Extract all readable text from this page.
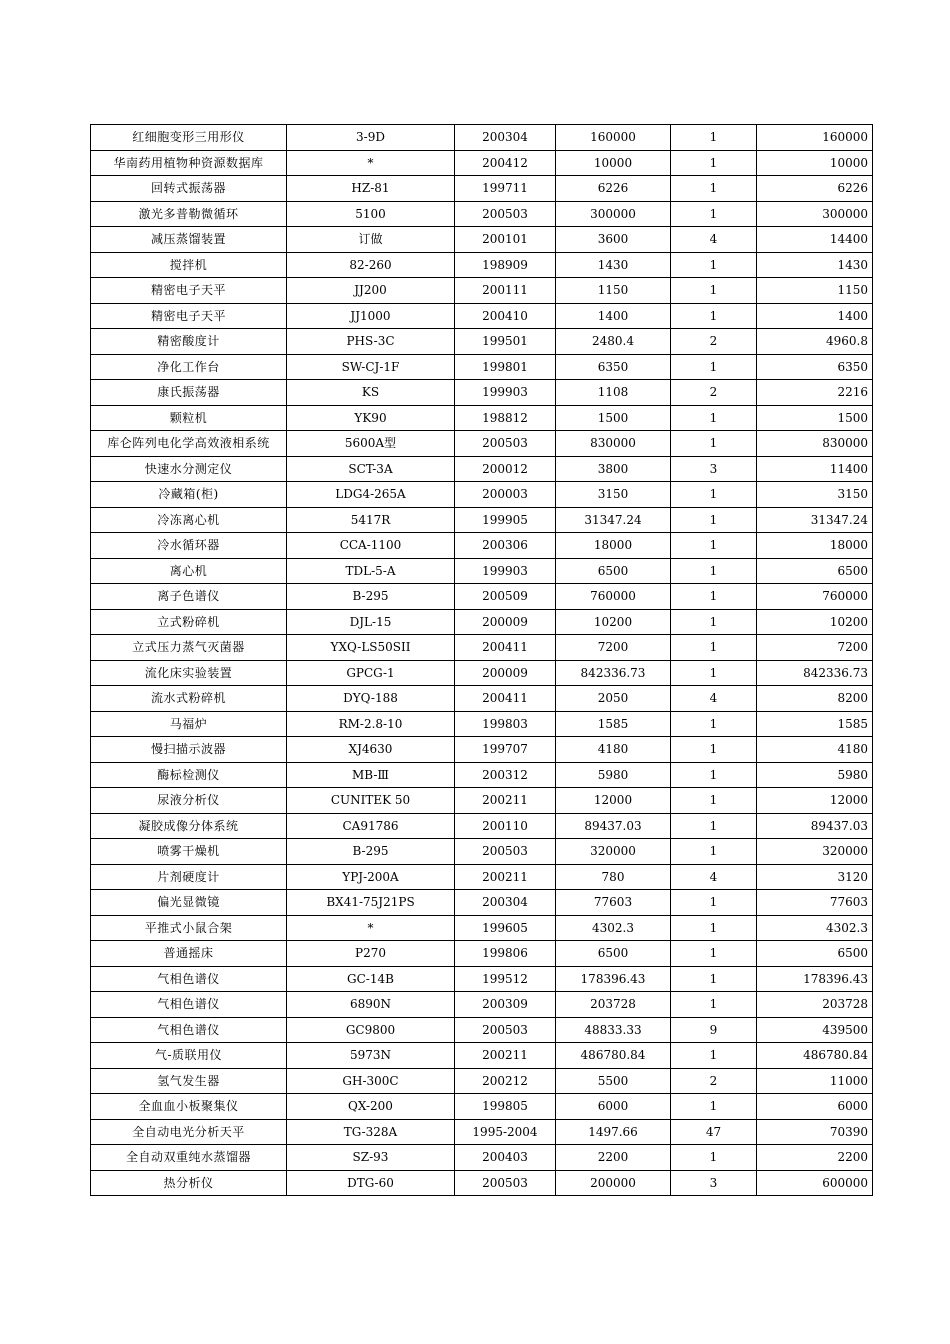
红细胞变形三用形仪	3-9D	200304	160000	1	160000
华南药用植物种资源数据库	*	200412	10000	1	10000
回转式振荡器	HZ-81	199711	6226	1	6226
激光多普勒微循环	5100	200503	300000	1	300000
减压蒸馏装置	订做	200101	3600	4	14400
搅拌机	82-260	198909	1430	1	1430
精密电子天平	JJ200	200111	1150	1	1150
精密电子天平	JJ1000	200410	1400	1	1400
精密酸度计	PHS-3C	199501	2480.4	2	4960.8
净化工作台	SW-CJ-1F	199801	6350	1	6350
康氏振荡器	KS	199903	1108	2	2216
颗粒机	YK90	198812	1500	1	1500
库仑阵列电化学高效液相系统	5600A型	200503	830000	1	830000
快速水分测定仪	SCT-3A	200012	3800	3	11400
冷藏箱(柜)	LDG4-265A	200003	3150	1	3150
冷冻离心机	5417R	199905	31347.24	1	31347.24
冷水循环器	CCA-1100	200306	18000	1	18000
离心机	TDL-5-A	199903	6500	1	6500
离子色谱仪	B-295	200509	760000	1	760000
立式粉碎机	DJL-15	200009	10200	1	10200
立式压力蒸气灭菌器	YXQ-LS50SII	200411	7200	1	7200
流化床实验装置	GPCG-1	200009	842336.73	1	842336.73
流水式粉碎机	DYQ-188	200411	2050	4	8200
马福炉	RM-2.8-10	199803	1585	1	1585
慢扫描示波器	XJ4630	199707	4180	1	4180
酶标检测仪	MB-Ⅲ	200312	5980	1	5980
尿液分析仪	CUNITEK 50	200211	12000	1	12000
凝胶成像分体系统	CA91786	200110	89437.03	1	89437.03
喷雾干燥机	B-295	200503	320000	1	320000
片剂硬度计	YPJ-200A	200211	780	4	3120
偏光显微镜	BX41-75J21PS	200304	77603	1	77603
平推式小鼠合架	*	199605	4302.3	1	4302.3
普通摇床	P270	199806	6500	1	6500
气相色谱仪	GC-14B	199512	178396.43	1	178396.43
气相色谱仪	6890N	200309	203728	1	203728
气相色谱仪	GC9800	200503	48833.33	9	439500
气-质联用仪	5973N	200211	486780.84	1	486780.84
氢气发生器	GH-300C	200212	5500	2	11000
全血血小板聚集仪	QX-200	199805	6000	1	6000
全自动电光分析天平	TG-328A	1995-2004	1497.66	47	70390
全自动双重纯水蒸馏器	SZ-93	200403	2200	1	2200
热分析仪	DTG-60	200503	200000	3	600000
